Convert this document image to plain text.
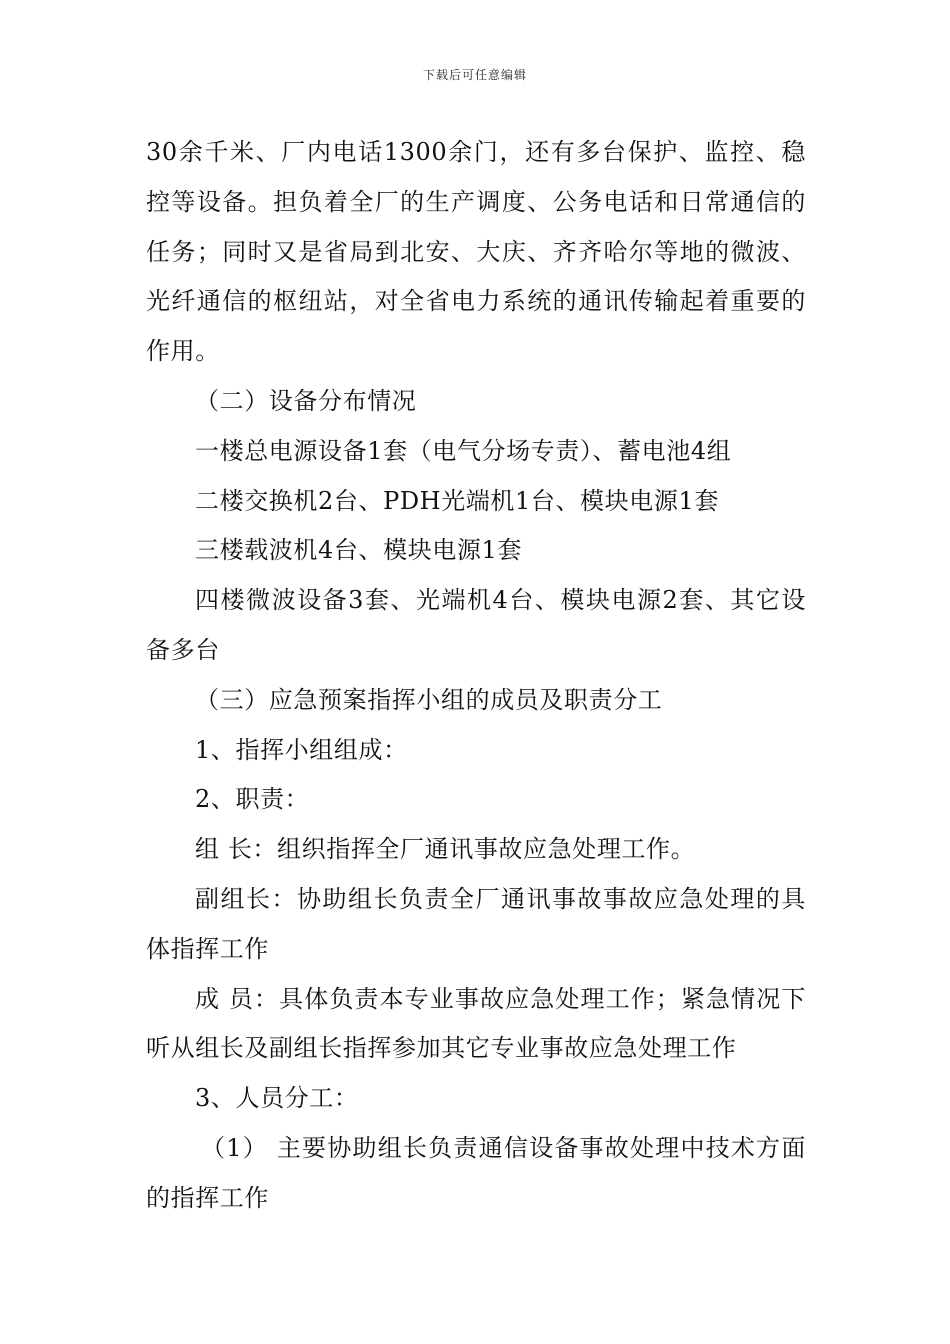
下载后可任意编辑

30余千米、厂内电话1300余门，还有多台保护、监控、稳控等设备。担负着全厂的生产调度、公务电话和日常通信的任务；同时又是省局到北安、大庆、齐齐哈尔等地的微波、光纤通信的枢纽站，对全省电力系统的通讯传输起着重要的作用。

（二）设备分布情况

一楼总电源设备1套（电气分场专责）、蓄电池4组

二楼交换机2台、PDH光端机1台、模块电源1套

三楼载波机4台、模块电源1套

四楼微波设备3套、光端机4台、模块电源2套、其它设备多台

（三）应急预案指挥小组的成员及职责分工

1、指挥小组组成：

2、职责：

组 长：组织指挥全厂通讯事故应急处理工作。

副组长：协助组长负责全厂通讯事故事故应急处理的具体指挥工作

成 员：具体负责本专业事故应急处理工作；紧急情况下听从组长及副组长指挥参加其它专业事故应急处理工作

3、人员分工：

（1） 主要协助组长负责通信设备事故处理中技术方面的指挥工作
